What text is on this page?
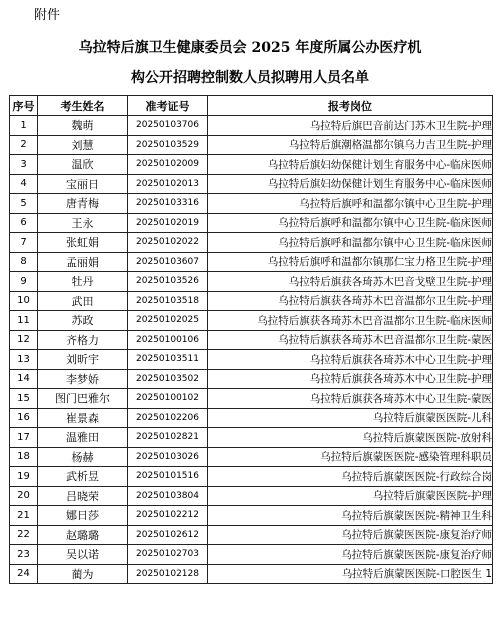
附件
乌拉特后旗卫生健康委员会 2025 年度所属公办医疗机
构公开招聘控制数人员拟聘用人员名单
序号	考生姓名	准考证号	报考岗位
1	魏萌	20250103706	乌拉特后旗巴音前达门苏木卫生院-护理
2	刘慧	20250103529	乌拉特后旗潮格温都尔镇乌力吉卫生院-护理
3	温欣	20250102009	乌拉特后旗妇幼保健计划生育服务中心-临床医师
4	宝丽日	20250102013	乌拉特后旗妇幼保健计划生育服务中心-临床医师
5	唐青梅	20250103316	乌拉特后旗呼和温都尔镇中心卫生院-护理
6	王永	20250102019	乌拉特后旗呼和温都尔镇中心卫生院-临床医师
7	张虹娟	20250102022	乌拉特后旗呼和温都尔镇中心卫生院-临床医师
8	孟丽娟	20250103607	乌拉特后旗呼和温都尔镇那仁宝力格卫生院-护理
9	牡丹	20250103526	乌拉特后旗获各琦苏木巴音戈壁卫生院-护理
10	武田	20250103518	乌拉特后旗获各琦苏木巴音温都尔卫生院-护理
11	苏政	20250102025	乌拉特后旗获各琦苏木巴音温都尔卫生院-临床医师
12	齐格力	20250100106	乌拉特后旗获各琦苏木巴音温都尔卫生院-蒙医
13	刘昕宇	20250103511	乌拉特后旗获各琦苏木中心卫生院-护理
14	李梦娇	20250103502	乌拉特后旗获各琦苏木中心卫生院-护理
15	图门巴雅尔	20250100102	乌拉特后旗获各琦苏木中心卫生院-蒙医
16	崔景森	20250102206	乌拉特后旗蒙医医院-儿科
17	温雅田	20250102821	乌拉特后旗蒙医医院-放射科
18	杨赫	20250103026	乌拉特后旗蒙医医院-感染管理科职员
19	武析昱	20250101516	乌拉特后旗蒙医医院-行政综合岗
20	吕晓荣	20250103804	乌拉特后旗蒙医医院-护理
21	娜日莎	20250102212	乌拉特后旗蒙医医院-精神卫生科
22	赵璐璐	20250102612	乌拉特后旗蒙医医院-康复治疗师
23	吴以诺	20250102703	乌拉特后旗蒙医医院-康复治疗师
24	蔺为	20250102128	乌拉特后旗蒙医医院-口腔医生 1
